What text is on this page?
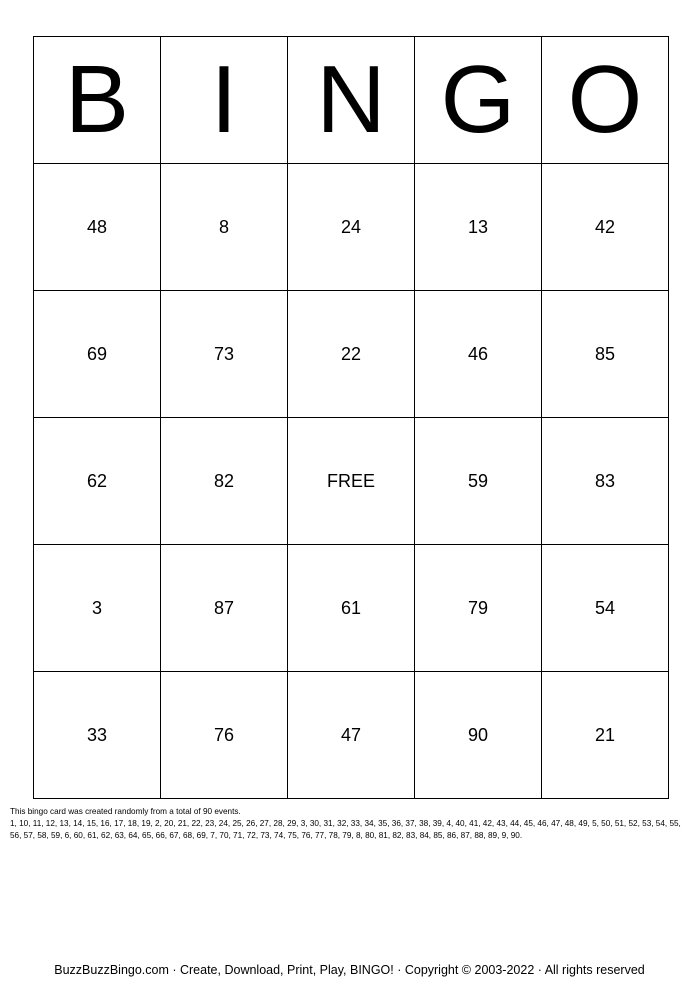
B	I	N	G	O
48	8	24	13	42
69	73	22	46	85
62	82	FREE	59	83
3	87	61	79	54
33	76	47	90	21
This bingo card was created randomly from a total of 90 events.
1, 10, 11, 12, 13, 14, 15, 16, 17, 18, 19, 2, 20, 21, 22, 23, 24, 25, 26, 27, 28, 29, 3, 30, 31, 32, 33, 34, 35, 36, 37, 38, 39, 4, 40, 41, 42, 43, 44, 45, 46, 47, 48, 49, 5, 50, 51, 52, 53, 54, 55, 56, 57, 58, 59, 6, 60, 61, 62, 63, 64, 65, 66, 67, 68, 69, 7, 70, 71, 72, 73, 74, 75, 76, 77, 78, 79, 8, 80, 81, 82, 83, 84, 85, 86, 87, 88, 89, 9, 90.
BuzzBuzzBingo.com · Create, Download, Print, Play, BINGO! · Copyright © 2003-2022 · All rights reserved
